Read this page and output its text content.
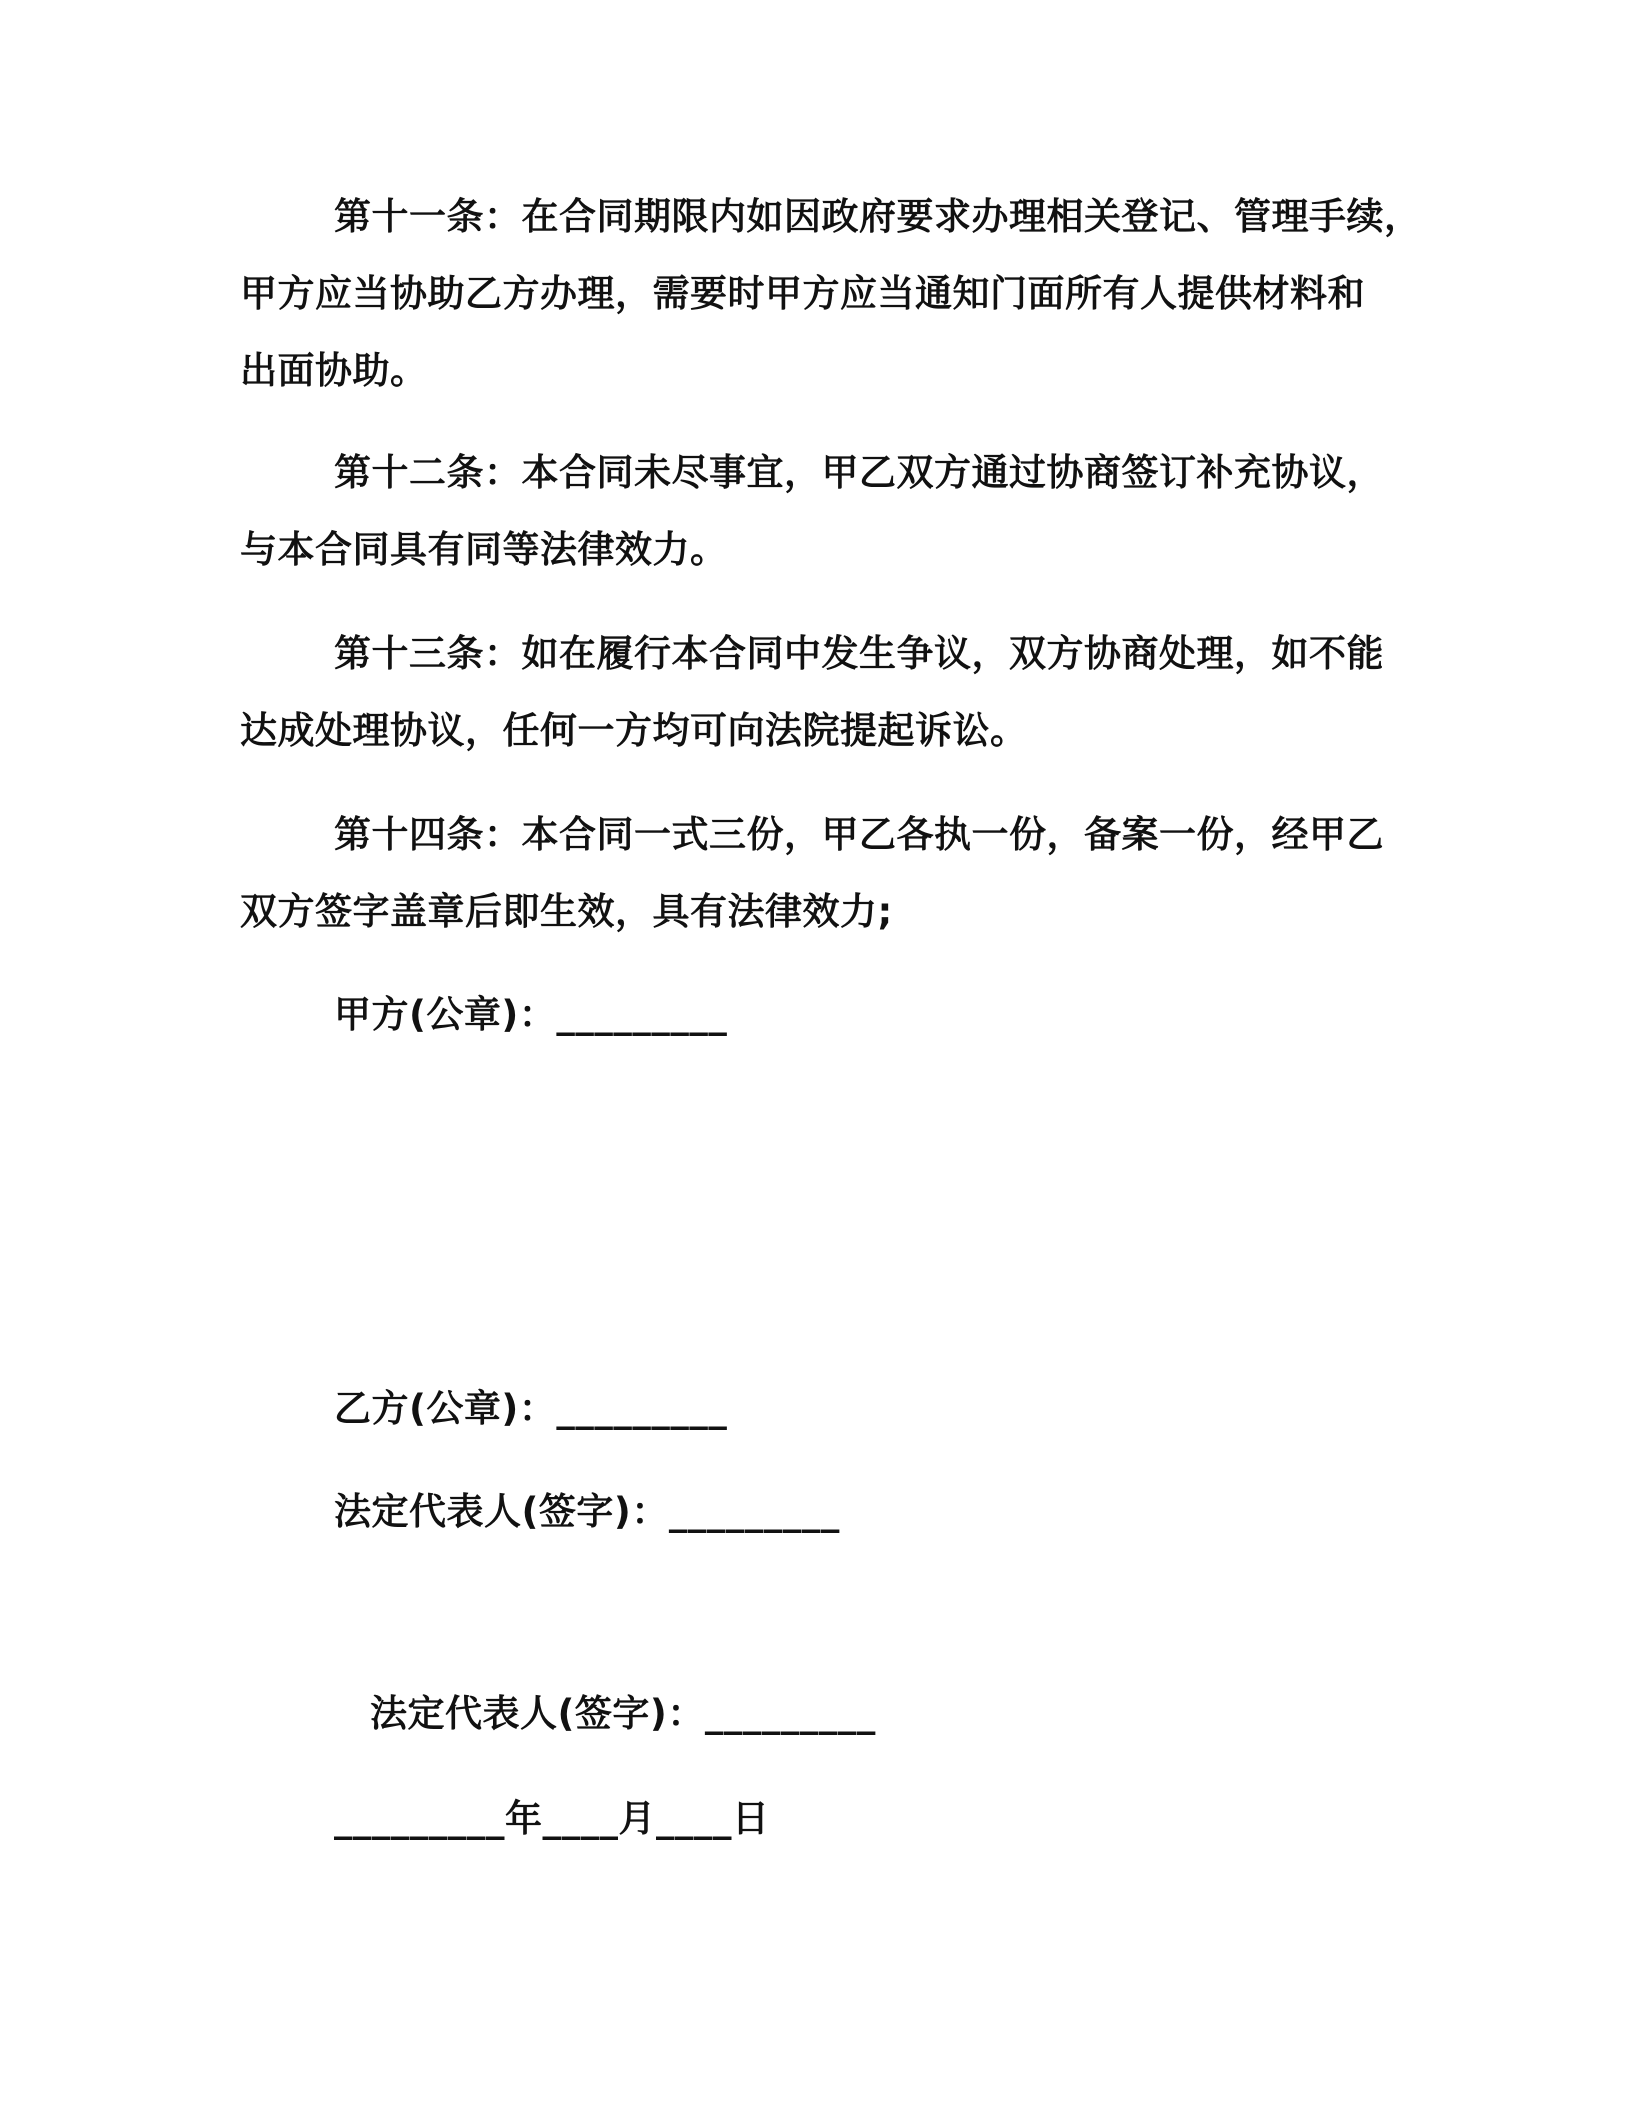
第十一条：在合同期限内如因政府要求办理相关登记、管理手续，
甲方应当协助乙方办理，需要时甲方应当通知门面所有人提供材料和
出面协助。
第十二条：本合同未尽事宜，甲乙双方通过协商签订补充协议，
与本合同具有同等法律效力。
第十三条：如在履行本合同中发生争议，双方协商处理，如不能
达成处理协议，任何一方均可向法院提起诉讼。
第十四条：本合同一式三份，甲乙各执一份，备案一份，经甲乙
双方签字盖章后即生效，具有法律效力;
甲方(公章)：_________
乙方(公章)：_________
法定代表人(签字)：_________
法定代表人(签字)：_________
_________年____月____日
